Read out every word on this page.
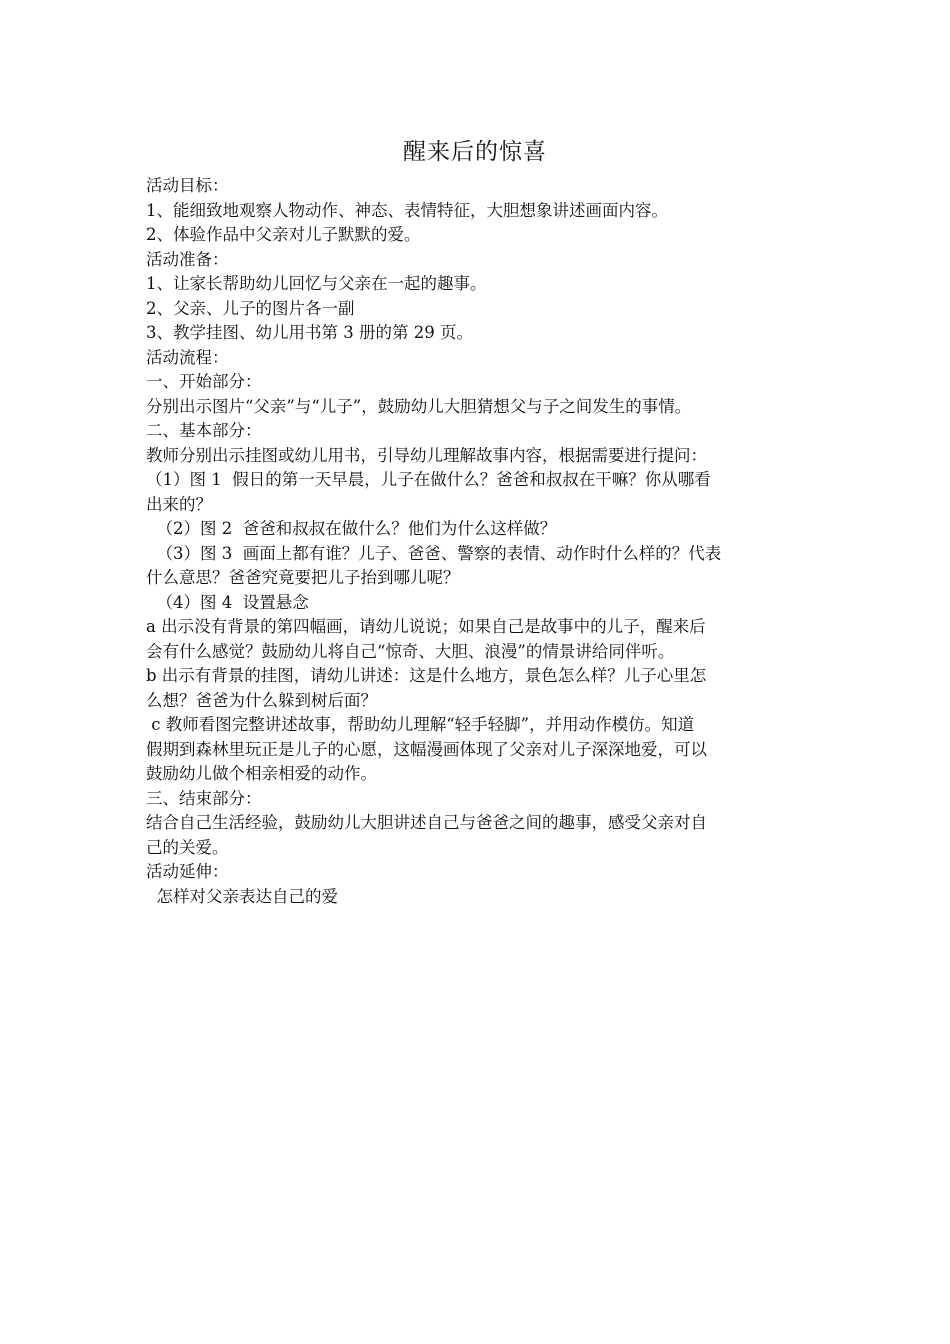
醒来后的惊喜
活动目标：
1、能细致地观察人物动作、神态、表情特征，大胆想象讲述画面内容。
2、体验作品中父亲对儿子默默的爱。
活动准备：
1、让家长帮助幼儿回忆与父亲在一起的趣事。
2、父亲、儿子的图片各一副
3、教学挂图、幼儿用书第 3 册的第 29 页。
活动流程：
一、开始部分：
分别出示图片“父亲”与“儿子”，鼓励幼儿大胆猜想父与子之间发生的事情。
二、基本部分：
教师分别出示挂图或幼儿用书，引导幼儿理解故事内容，根据需要进行提问：
（1）图 1  假日的第一天早晨，儿子在做什么？爸爸和叔叔在干嘛？你从哪看
出来的？
（2）图 2  爸爸和叔叔在做什么？他们为什么这样做？
（3）图 3  画面上都有谁？儿子、爸爸、警察的表情、动作时什么样的？代表
什么意思？爸爸究竟要把儿子抬到哪儿呢？
（4）图 4  设置悬念
a 出示没有背景的第四幅画，请幼儿说说；如果自己是故事中的儿子，醒来后
会有什么感觉？鼓励幼儿将自己“惊奇、大胆、浪漫”的情景讲给同伴听。
b 出示有背景的挂图，请幼儿讲述：这是什么地方，景色怎么样？儿子心里怎
么想？爸爸为什么躲到树后面？
c 教师看图完整讲述故事，帮助幼儿理解“轻手轻脚”，并用动作模仿。知道
假期到森林里玩正是儿子的心愿，这幅漫画体现了父亲对儿子深深地爱，可以
鼓励幼儿做个相亲相爱的动作。
三、结束部分：
结合自己生活经验，鼓励幼儿大胆讲述自己与爸爸之间的趣事，感受父亲对自
己的关爱。
活动延伸：
怎样对父亲表达自己的爱
